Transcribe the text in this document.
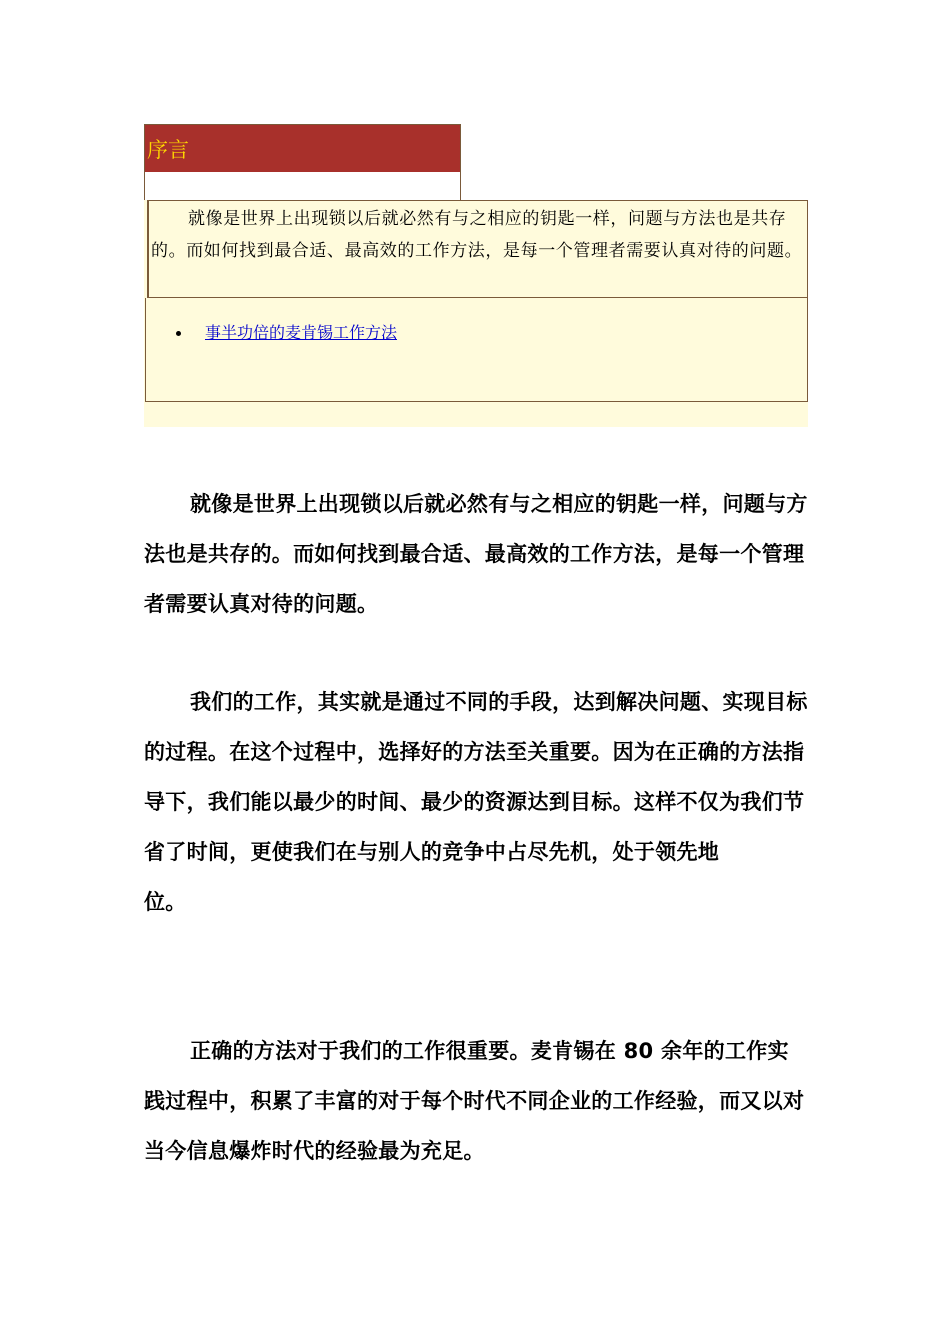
序言
就像是世界上出现锁以后就必然有与之相应的钥匙一样，问题与方法也是共存的。而如何找到最合适、最高效的工作方法，是每一个管理者需要认真对待的问题。
事半功倍的麦肯锡工作方法

就像是世界上出现锁以后就必然有与之相应的钥匙一样，问题与方法也是共存的。而如何找到最合适、最高效的工作方法，是每一个管理者需要认真对待的问题。

我们的工作，其实就是通过不同的手段，达到解决问题、实现目标的过程。在这个过程中，选择好的方法至关重要。因为在正确的方法指导下，我们能以最少的时间、最少的资源达到目标。这样不仅为我们节省了时间，更使我们在与别人的竞争中占尽先机，处于领先地
位。

正确的方法对于我们的工作很重要。麦肯锡在 80 余年的工作实践过程中，积累了丰富的对于每个时代不同企业的工作经验，而又以对当今信息爆炸时代的经验最为充足。
